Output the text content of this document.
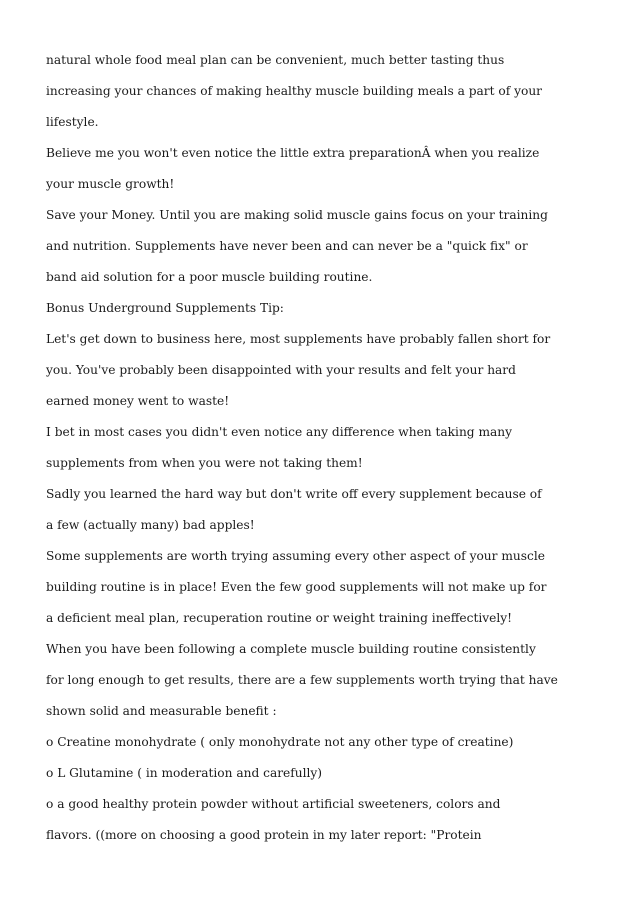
natural whole food meal plan can be convenient, much better tasting thus
increasing your chances of making healthy muscle building meals a part of your
lifestyle.
Believe me you won't even notice the little extra preparationÂ when you realize
your muscle growth!
Save your Money. Until you are making solid muscle gains focus on your training
and nutrition. Supplements have never been and can never be a "quick fix" or
band aid solution for a poor muscle building routine.
Bonus Underground Supplements Tip:
Let's get down to business here, most supplements have probably fallen short for
you. You've probably been disappointed with your results and felt your hard
earned money went to waste!
I bet in most cases you didn't even notice any difference when taking many
supplements from when you were not taking them!
Sadly you learned the hard way but don't write off every supplement because of
a few (actually many) bad apples!
Some supplements are worth trying assuming every other aspect of your muscle
building routine is in place! Even the few good supplements will not make up for
a deficient meal plan, recuperation routine or weight training ineffectively!
When you have been following a complete muscle building routine consistently
for long enough to get results, there are a few supplements worth trying that have
shown solid and measurable benefit :
o Creatine monohydrate ( only monohydrate not any other type of creatine)
o L Glutamine ( in moderation and carefully)
o a good healthy protein powder without artificial sweeteners, colors and
flavors. ((more on choosing a good protein in my later report: "Protein
